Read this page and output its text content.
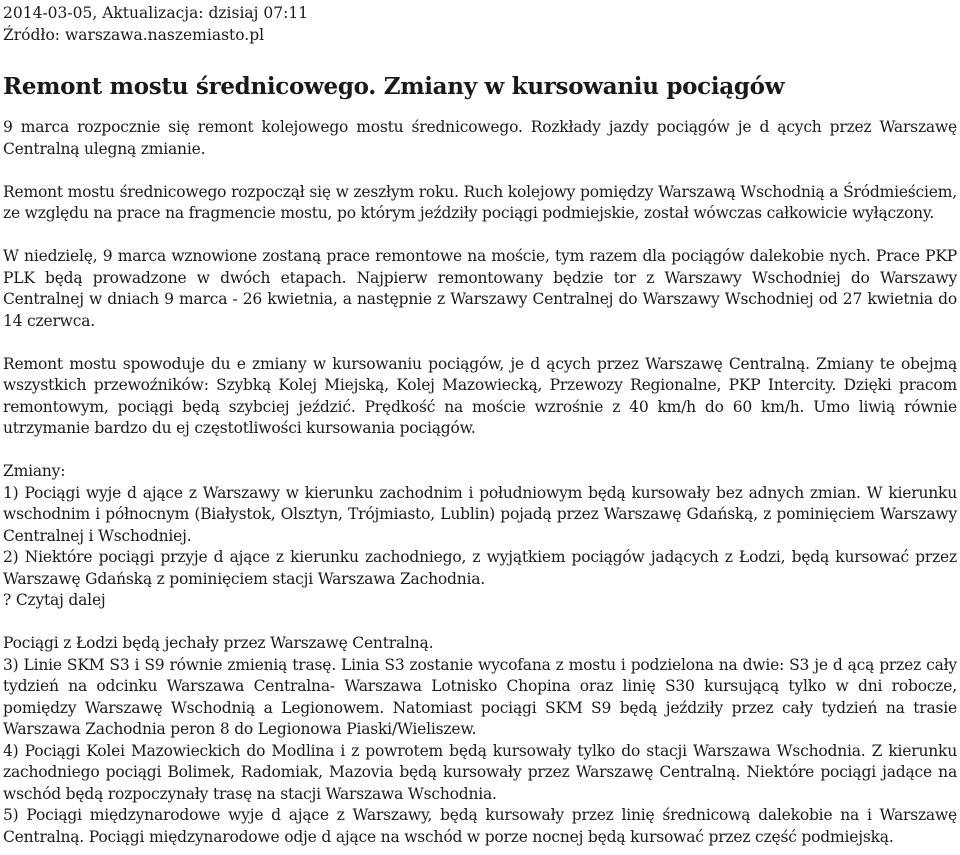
2014-03-05, Aktualizacja: dzisiaj 07:11
Źródło: warszawa.naszemiasto.pl
Remont mostu średnicowego. Zmiany w kursowaniu pociągów

9 marca rozpocznie się remont kolejowego mostu średnicowego. Rozkłady jazdy pociągów je d ących przez Warszawę Centralną ulegną zmianie.

Remont mostu średnicowego rozpoczął się w zeszłym roku. Ruch kolejowy pomiędzy Warszawą Wschodnią a Śródmieściem, ze względu na prace na fragmencie mostu, po którym jeździły pociągi podmiejskie, został wówczas całkowicie wyłączony.

W niedzielę, 9 marca wznowione zostaną prace remontowe na moście, tym razem dla pociągów dalekobie nych. Prace PKP PLK będą prowadzone w dwóch etapach. Najpierw remontowany będzie tor z Warszawy Wschodniej do Warszawy Centralnej w dniach 9 marca - 26 kwietnia, a następnie z Warszawy Centralnej do Warszawy Wschodniej od 27 kwietnia do 14 czerwca.

Remont mostu spowoduje du e zmiany w kursowaniu pociągów, je d ących przez Warszawę Centralną. Zmiany te obejmą wszystkich przewoźników: Szybką Kolej Miejską, Kolej Mazowiecką, Przewozy Regionalne, PKP Intercity. Dzięki pracom remontowym, pociągi będą szybciej jeździć. Prędkość na moście wzrośnie z 40 km/h do 60 km/h. Umo liwią równie utrzymanie bardzo du ej częstotliwości kursowania pociągów.

Zmiany:

1) Pociągi wyje d ające z Warszawy w kierunku zachodnim i południowym będą kursowały bez adnych zmian. W kierunku wschodnim i północnym (Białystok, Olsztyn, Trójmiasto, Lublin) pojadą przez Warszawę Gdańską, z pominięciem Warszawy Centralnej i Wschodniej.

2) Niektóre pociągi przyje d ające z kierunku zachodniego, z wyjątkiem pociągów jadących z Łodzi, będą kursować przez Warszawę Gdańską z pominięciem stacji Warszawa Zachodnia.

? Czytaj dalej

Pociągi z Łodzi będą jechały przez Warszawę Centralną.

3) Linie SKM S3 i S9 równie zmienią trasę. Linia S3 zostanie wycofana z mostu i podzielona na dwie: S3 je d ącą przez cały tydzień na odcinku Warszawa Centralna- Warszawa Lotnisko Chopina oraz linię S30 kursującą tylko w dni robocze, pomiędzy Warszawę Wschodnią a Legionowem. Natomiast pociągi SKM S9 będą jeździły przez cały tydzień na trasie Warszawa Zachodnia peron 8 do Legionowa Piaski/Wieliszew.

4) Pociągi Kolei Mazowieckich do Modlina i z powrotem będą kursowały tylko do stacji Warszawa Wschodnia. Z kierunku zachodniego pociągi Bolimek, Radomiak, Mazovia będą kursowały przez Warszawę Centralną. Niektóre pociągi jadące na wschód będą rozpoczynały trasę na stacji Warszawa Wschodnia.

5) Pociągi międzynarodowe wyje d ające z Warszawy, będą kursowały przez linię średnicową dalekobie na i Warszawę Centralną. Pociągi międzynarodowe odje d ające na wschód w porze nocnej będą kursować przez część podmiejską.
